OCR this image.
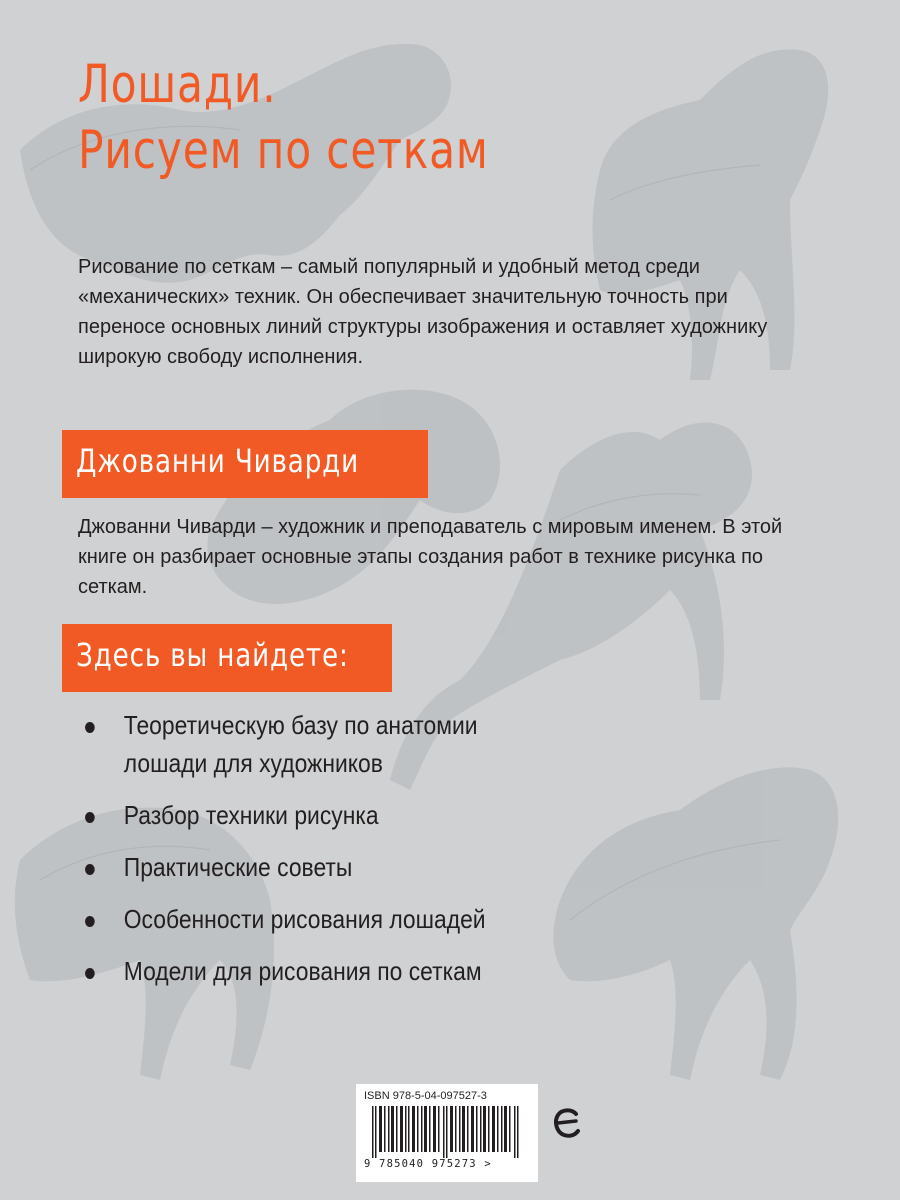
Лошади.
Рисуем по сеткам

Рисование по сеткам – самый популярный и удобный метод среди «механических» техник. Он обеспечивает значительную точность при переносе основных линий структуры изображения и оставляет художнику широкую свободу исполнения.

Джованни Чиварди

Джованни Чиварди – художник и преподаватель с мировым именем. В этой книге он разбирает основные этапы создания работ в технике рисунка по сеткам.

Здесь вы найдете:
Теоретическую базу по анатомии лошади для художников
Разбор техники рисунка
Практические советы
Особенности рисования лошадей
Модели для рисования по сеткам
ISBN 978-5-04-097527-3
9 785040 975273 >
